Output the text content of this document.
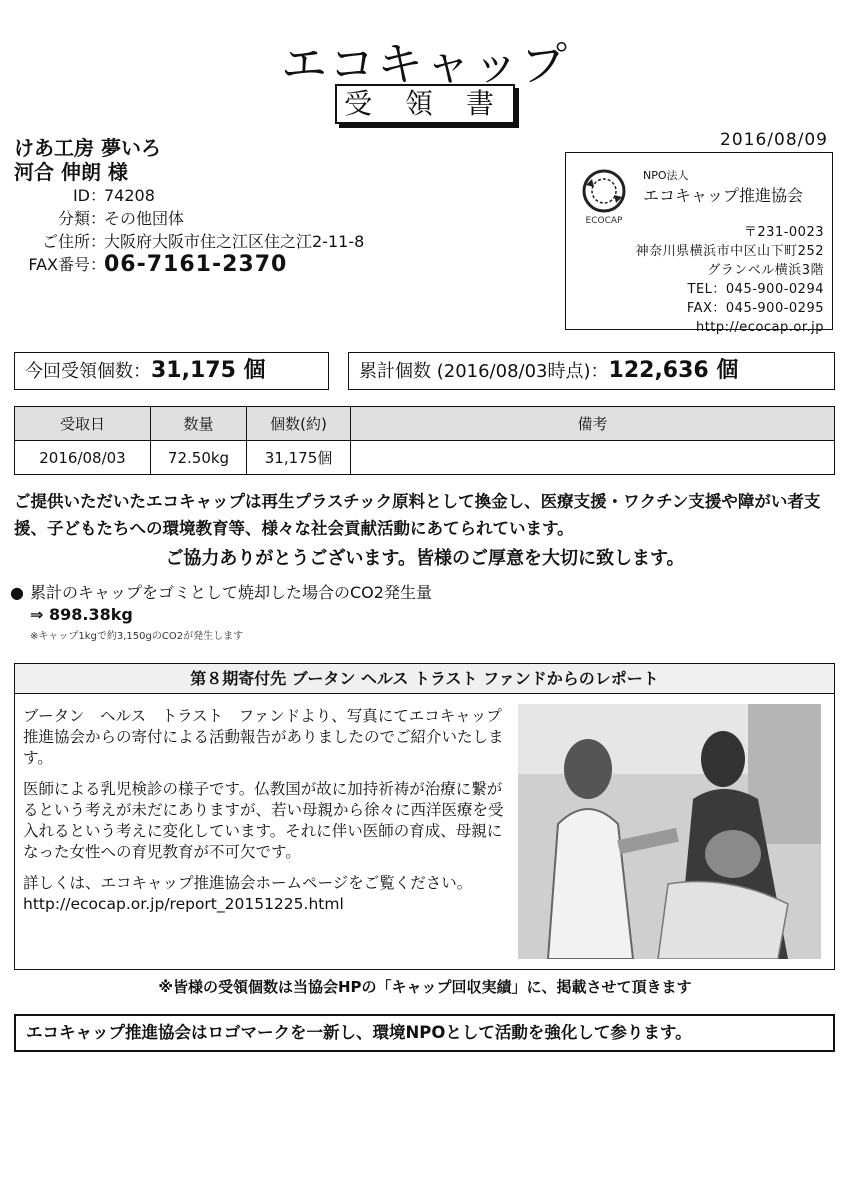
エコキャップ
受 領 書
2016/08/09
けあ工房 夢いろ
河合 伸朗 様
ID ：
74208
分類 ：
その他団体
ご住所 ：
大阪府大阪市住之江区住之江2-11-8
FAX番号 ：
06-7161-2370
ECOCAP
NPO法人
エコキャップ推進協会
〒231-0023
神奈川県横浜市中区山下町252
グランベル横浜3階
TEL：045-900-0294
FAX：045-900-0295
http://ecocap.or.jp
今回受領個数：31,175 個	累計個数 (2016/08/03時点)：122,636 個
受取日	数量	個数(約)	備考
2016/08/03	72.50kg	31,175個	
ご提供いただいたエコキャップは再生プラスチック原料として換金し、医療支援・ワクチン支援や障がい者支援、子どもたちへの環境教育等、様々な社会貢献活動にあてられています。
ご協力ありがとうございます。皆様のご厚意を大切に致します。
● 累計のキャップをゴミとして焼却した場合のCO2発生量
⇒ 898.38kg
※キャップ1kgで約3,150gのCO2が発生します
第８期寄付先 ブータン ヘルス トラスト ファンドからのレポート

ブータン　ヘルス　トラスト　ファンドより、写真にてエコキャップ推進協会からの寄付による活動報告がありましたのでご紹介いたします。

医師による乳児検診の様子です。仏教国が故に加持祈祷が治療に繋がるという考えが未だにありますが、若い母親から徐々に西洋医療を受入れるという考えに変化しています。それに伴い医師の育成、母親になった女性への育児教育が不可欠です。

詳しくは、エコキャップ推進協会ホームページをご覧ください。

http://ecocap.or.jp/report_20151225.html
※皆様の受領個数は当協会HPの「キャップ回収実績」に、掲載させて頂きます
エコキャップ推進協会はロゴマークを一新し、環境NPOとして活動を強化して参ります。
